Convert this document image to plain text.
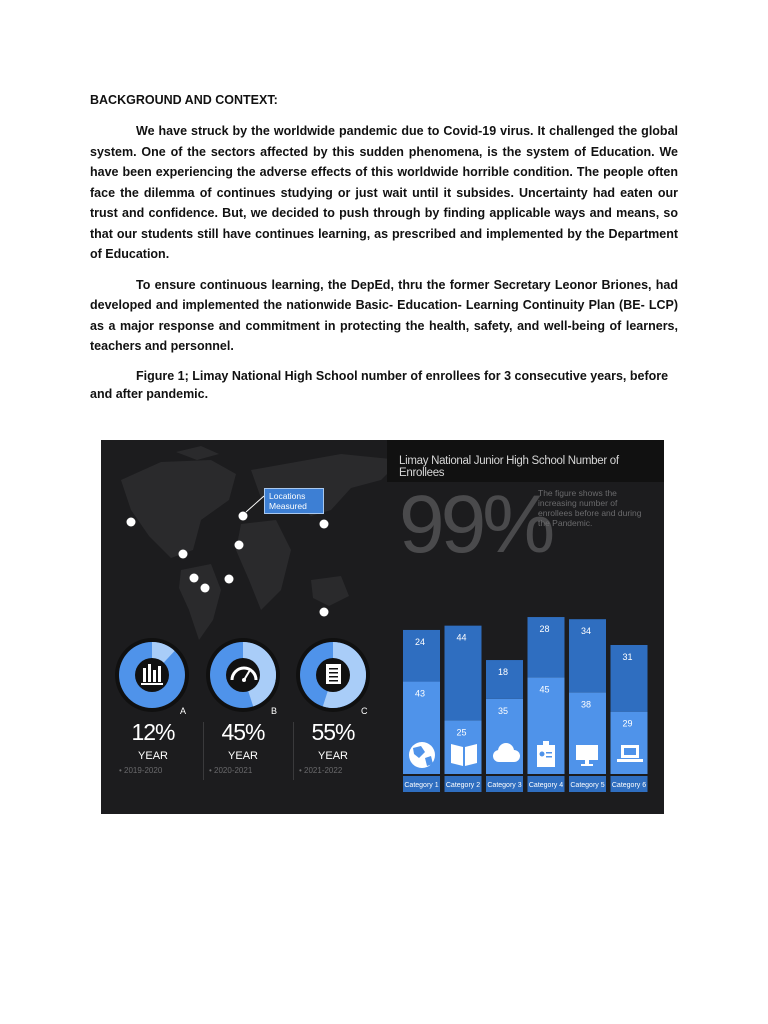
BACKGROUND AND CONTEXT:

We have struck by the worldwide pandemic due to Covid-19 virus. It challenged the global system. One of the sectors affected by this sudden phenomena, is the system of Education. We have been experiencing the adverse effects of this worldwide horrible condition. The people often face the dilemma of continues studying or just wait until it subsides. Uncertainty had eaten our trust and confidence. But, we decided to push through by finding applicable ways and means, so that our students still have continues learning, as prescribed and implemented by the Department of Education.

To ensure continuous learning, the DepEd, thru the former Secretary Leonor Briones, had developed and implemented the nationwide Basic- Education- Learning Continuity Plan (BE- LCP) as a major response and commitment in protecting the health, safety, and well-being of learners, teachers and personnel.

Figure 1; Limay National High School number of enrollees for 3 consecutive years, before and after pandemic.

43
24
Category 1
25
44
Category 2
35
18
Category 3
45
28
Category 4
38
34
Category 5
29
31
Category 6
Limay National Junior High School Number of Enrollees
99%
The figure shows the increasing number of enrollees before and during the Pandemic.
Locations Measured
A	B	C
12%	45%	55%
YEAR	YEAR	YEAR
• 2019-2020	• 2020-2021	• 2021-2022
